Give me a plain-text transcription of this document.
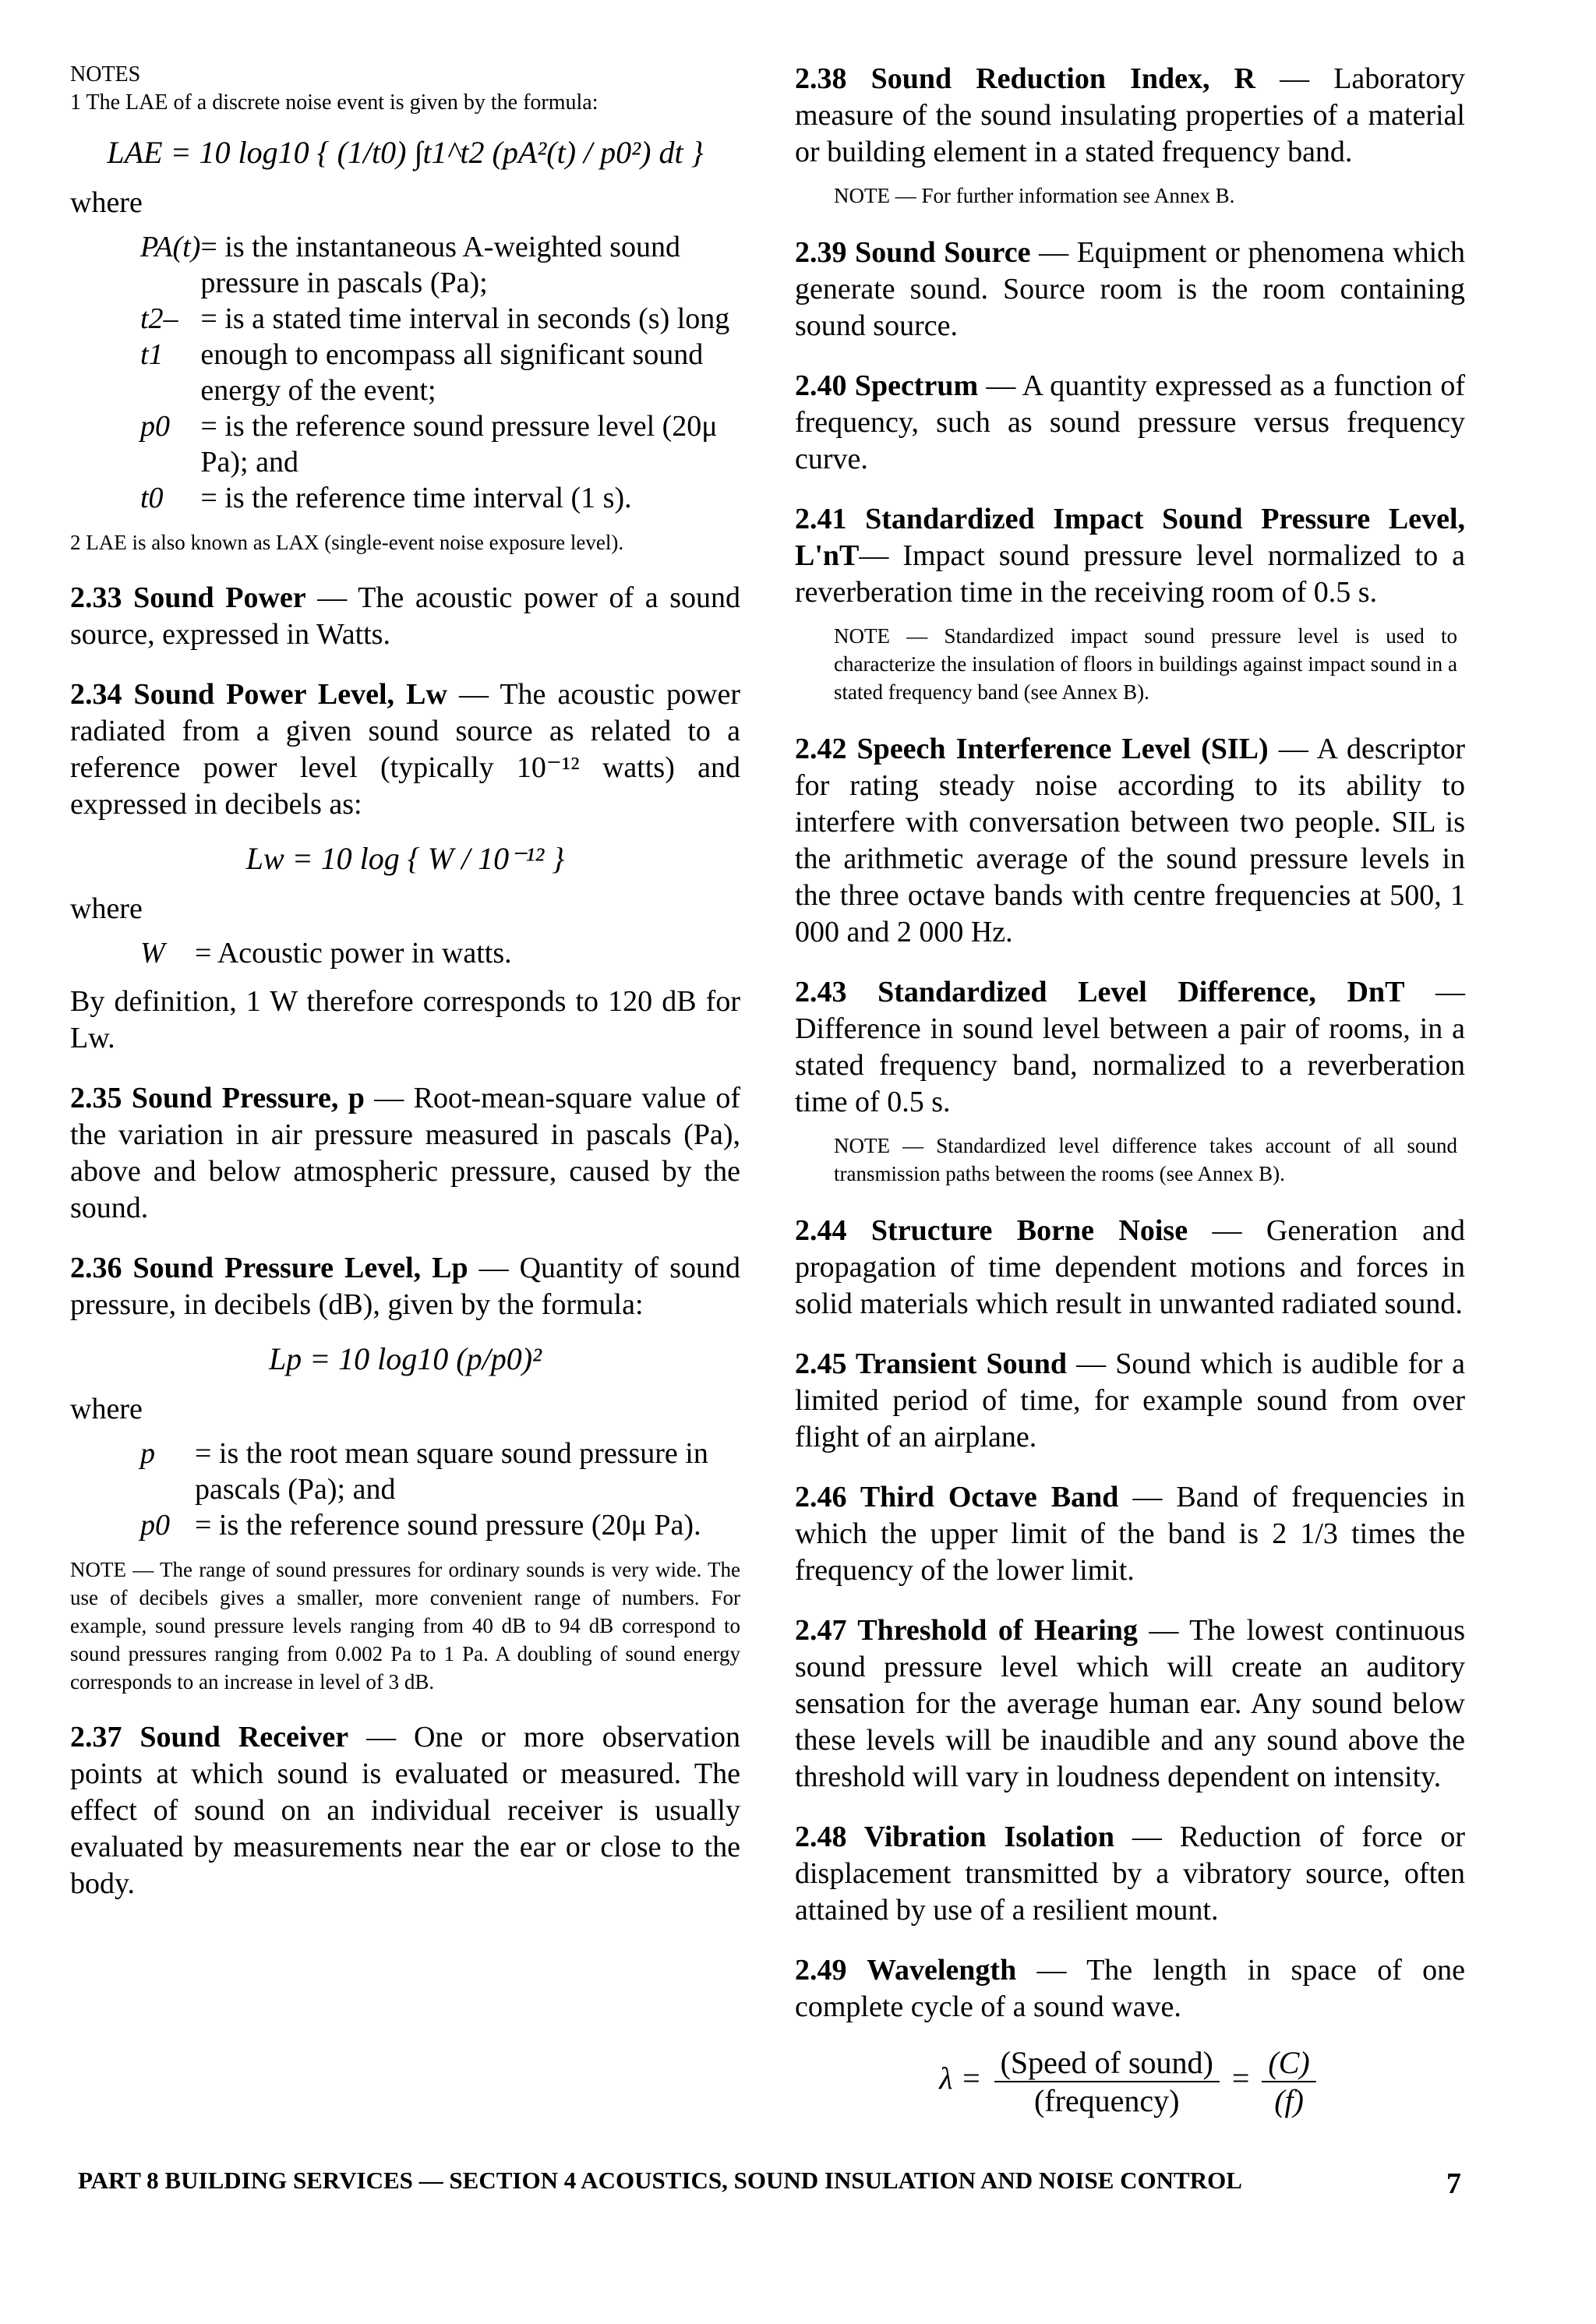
NOTES

1 The LAE of a discrete noise event is given by the formula:

LAE = 10 log10 { (1/t0) ∫t1^t2 (pA²(t) / p0²) dt }

where

PA(t)	= is the instantaneous A-weighted sound pressure in pascals (Pa);
t2–t1	= is a stated time interval in seconds (s) long enough to encompass all significant sound energy of the event;
p0	= is the reference sound pressure level (20μ Pa); and
t0	= is the reference time interval (1 s).

2 LAE is also known as LAX (single-event noise exposure level).

2.33 Sound Power — The acoustic power of a sound source, expressed in Watts.

2.34 Sound Power Level, Lw — The acoustic power radiated from a given sound source as related to a reference power level (typically 10⁻¹² watts) and expressed in decibels as:

Lw = 10 log { W / 10⁻¹² }

where

W	= Acoustic power in watts.

By definition, 1 W therefore corresponds to 120 dB for Lw.

2.35 Sound Pressure, p — Root-mean-square value of the variation in air pressure measured in pascals (Pa), above and below atmospheric pressure, caused by the sound.

2.36 Sound Pressure Level, Lp — Quantity of sound pressure, in decibels (dB), given by the formula:

Lp = 10 log10 (p/p0)²

where

p	= is the root mean square sound pressure in pascals (Pa); and
p0	= is the reference sound pressure (20μ Pa).

NOTE — The range of sound pressures for ordinary sounds is very wide. The use of decibels gives a smaller, more convenient range of numbers. For example, sound pressure levels ranging from 40 dB to 94 dB correspond to sound pressures ranging from 0.002 Pa to 1 Pa. A doubling of sound energy corresponds to an increase in level of 3 dB.

2.37 Sound Receiver — One or more observation points at which sound is evaluated or measured. The effect of sound on an individual receiver is usually evaluated by measurements near the ear or close to the body.

2.38 Sound Reduction Index, R — Laboratory measure of the sound insulating properties of a material or building element in a stated frequency band.

NOTE — For further information see Annex B.

2.39 Sound Source — Equipment or phenomena which generate sound. Source room is the room containing sound source.

2.40 Spectrum — A quantity expressed as a function of frequency, such as sound pressure versus frequency curve.

2.41 Standardized Impact Sound Pressure Level, L'nT— Impact sound pressure level normalized to a reverberation time in the receiving room of 0.5 s.

NOTE — Standardized impact sound pressure level is used to characterize the insulation of floors in buildings against impact sound in a stated frequency band (see Annex B).

2.42 Speech Interference Level (SIL) — A descriptor for rating steady noise according to its ability to interfere with conversation between two people. SIL is the arithmetic average of the sound pressure levels in the three octave bands with centre frequencies at 500, 1 000 and 2 000 Hz.

2.43 Standardized Level Difference, DnT — Difference in sound level between a pair of rooms, in a stated frequency band, normalized to a reverberation time of 0.5 s.

NOTE — Standardized level difference takes account of all sound transmission paths between the rooms (see Annex B).

2.44 Structure Borne Noise — Generation and propagation of time dependent motions and forces in solid materials which result in unwanted radiated sound.

2.45 Transient Sound — Sound which is audible for a limited period of time, for example sound from over flight of an airplane.

2.46 Third Octave Band — Band of frequencies in which the upper limit of the band is 2 1/3 times the frequency of the lower limit.

2.47 Threshold of Hearing — The lowest continuous sound pressure level which will create an auditory sensation for the average human ear. Any sound below these levels will be inaudible and any sound above the threshold will vary in loudness dependent on intensity.

2.48 Vibration Isolation — Reduction of force or displacement transmitted by a vibratory source, often attained by use of a resilient mount.

2.49 Wavelength — The length in space of one complete cycle of a sound wave.

$\lambda = \frac{\text{(Speed of sound)}}{\text{(frequency)}} = \frac{(C)}{(f)}$
PART 8 BUILDING SERVICES — SECTION 4 ACOUSTICS, SOUND INSULATION AND NOISE CONTROL	7
